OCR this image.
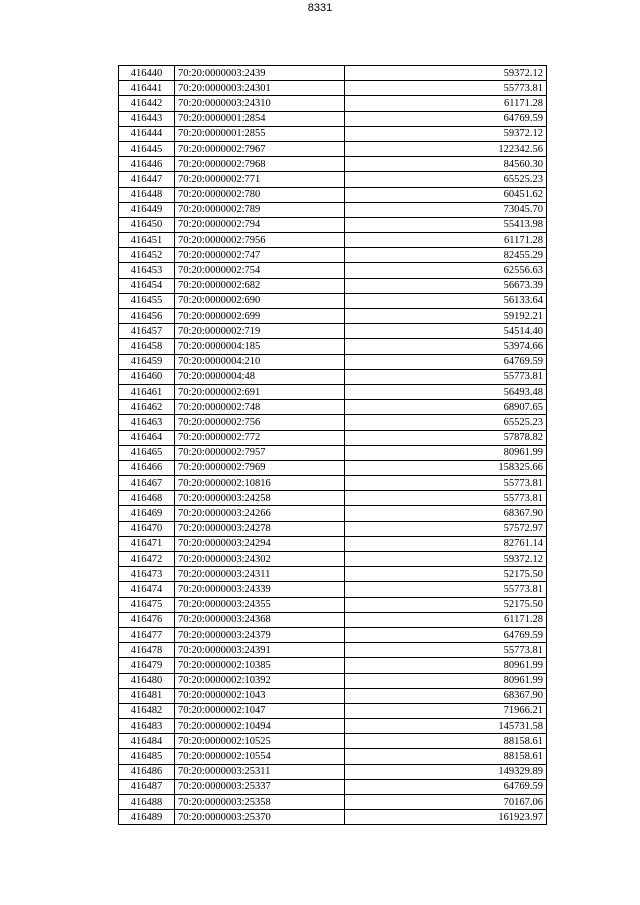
8331
416440	70:20:0000003:2439	59372.12
416441	70:20:0000003:24301	55773.81
416442	70:20:0000003:24310	61171.28
416443	70:20:0000001:2854	64769.59
416444	70:20:0000001:2855	59372.12
416445	70:20:0000002:7967	122342.56
416446	70:20:0000002:7968	84560.30
416447	70:20:0000002:771	65525.23
416448	70:20:0000002:780	60451.62
416449	70:20:0000002:789	73045.70
416450	70:20:0000002:794	55413.98
416451	70:20:0000002:7956	61171.28
416452	70:20:0000002:747	82455.29
416453	70:20:0000002:754	62556.63
416454	70:20:0000002:682	56673.39
416455	70:20:0000002:690	56133.64
416456	70:20:0000002:699	59192.21
416457	70:20:0000002:719	54514.40
416458	70:20:0000004:185	53974.66
416459	70:20:0000004:210	64769.59
416460	70:20:0000004:48	55773.81
416461	70:20:0000002:691	56493.48
416462	70:20:0000002:748	68907.65
416463	70:20:0000002:756	65525.23
416464	70:20:0000002:772	57878.82
416465	70:20:0000002:7957	80961.99
416466	70:20:0000002:7969	158325.66
416467	70:20:0000002:10816	55773.81
416468	70:20:0000003:24258	55773.81
416469	70:20:0000003:24266	68367.90
416470	70:20:0000003:24278	57572.97
416471	70:20:0000003:24294	82761.14
416472	70:20:0000003:24302	59372.12
416473	70:20:0000003:24311	52175.50
416474	70:20:0000003:24339	55773.81
416475	70:20:0000003:24355	52175.50
416476	70:20:0000003:24368	61171.28
416477	70:20:0000003:24379	64769.59
416478	70:20:0000003:24391	55773.81
416479	70:20:0000002:10385	80961.99
416480	70:20:0000002:10392	80961.99
416481	70:20:0000002:1043	68367.90
416482	70:20:0000002:1047	71966.21
416483	70:20:0000002:10494	145731.58
416484	70:20:0000002:10525	88158.61
416485	70:20:0000002:10554	88158.61
416486	70:20:0000003:25311	149329.89
416487	70:20:0000003:25337	64769.59
416488	70:20:0000003:25358	70167.06
416489	70:20:0000003:25370	161923.97
